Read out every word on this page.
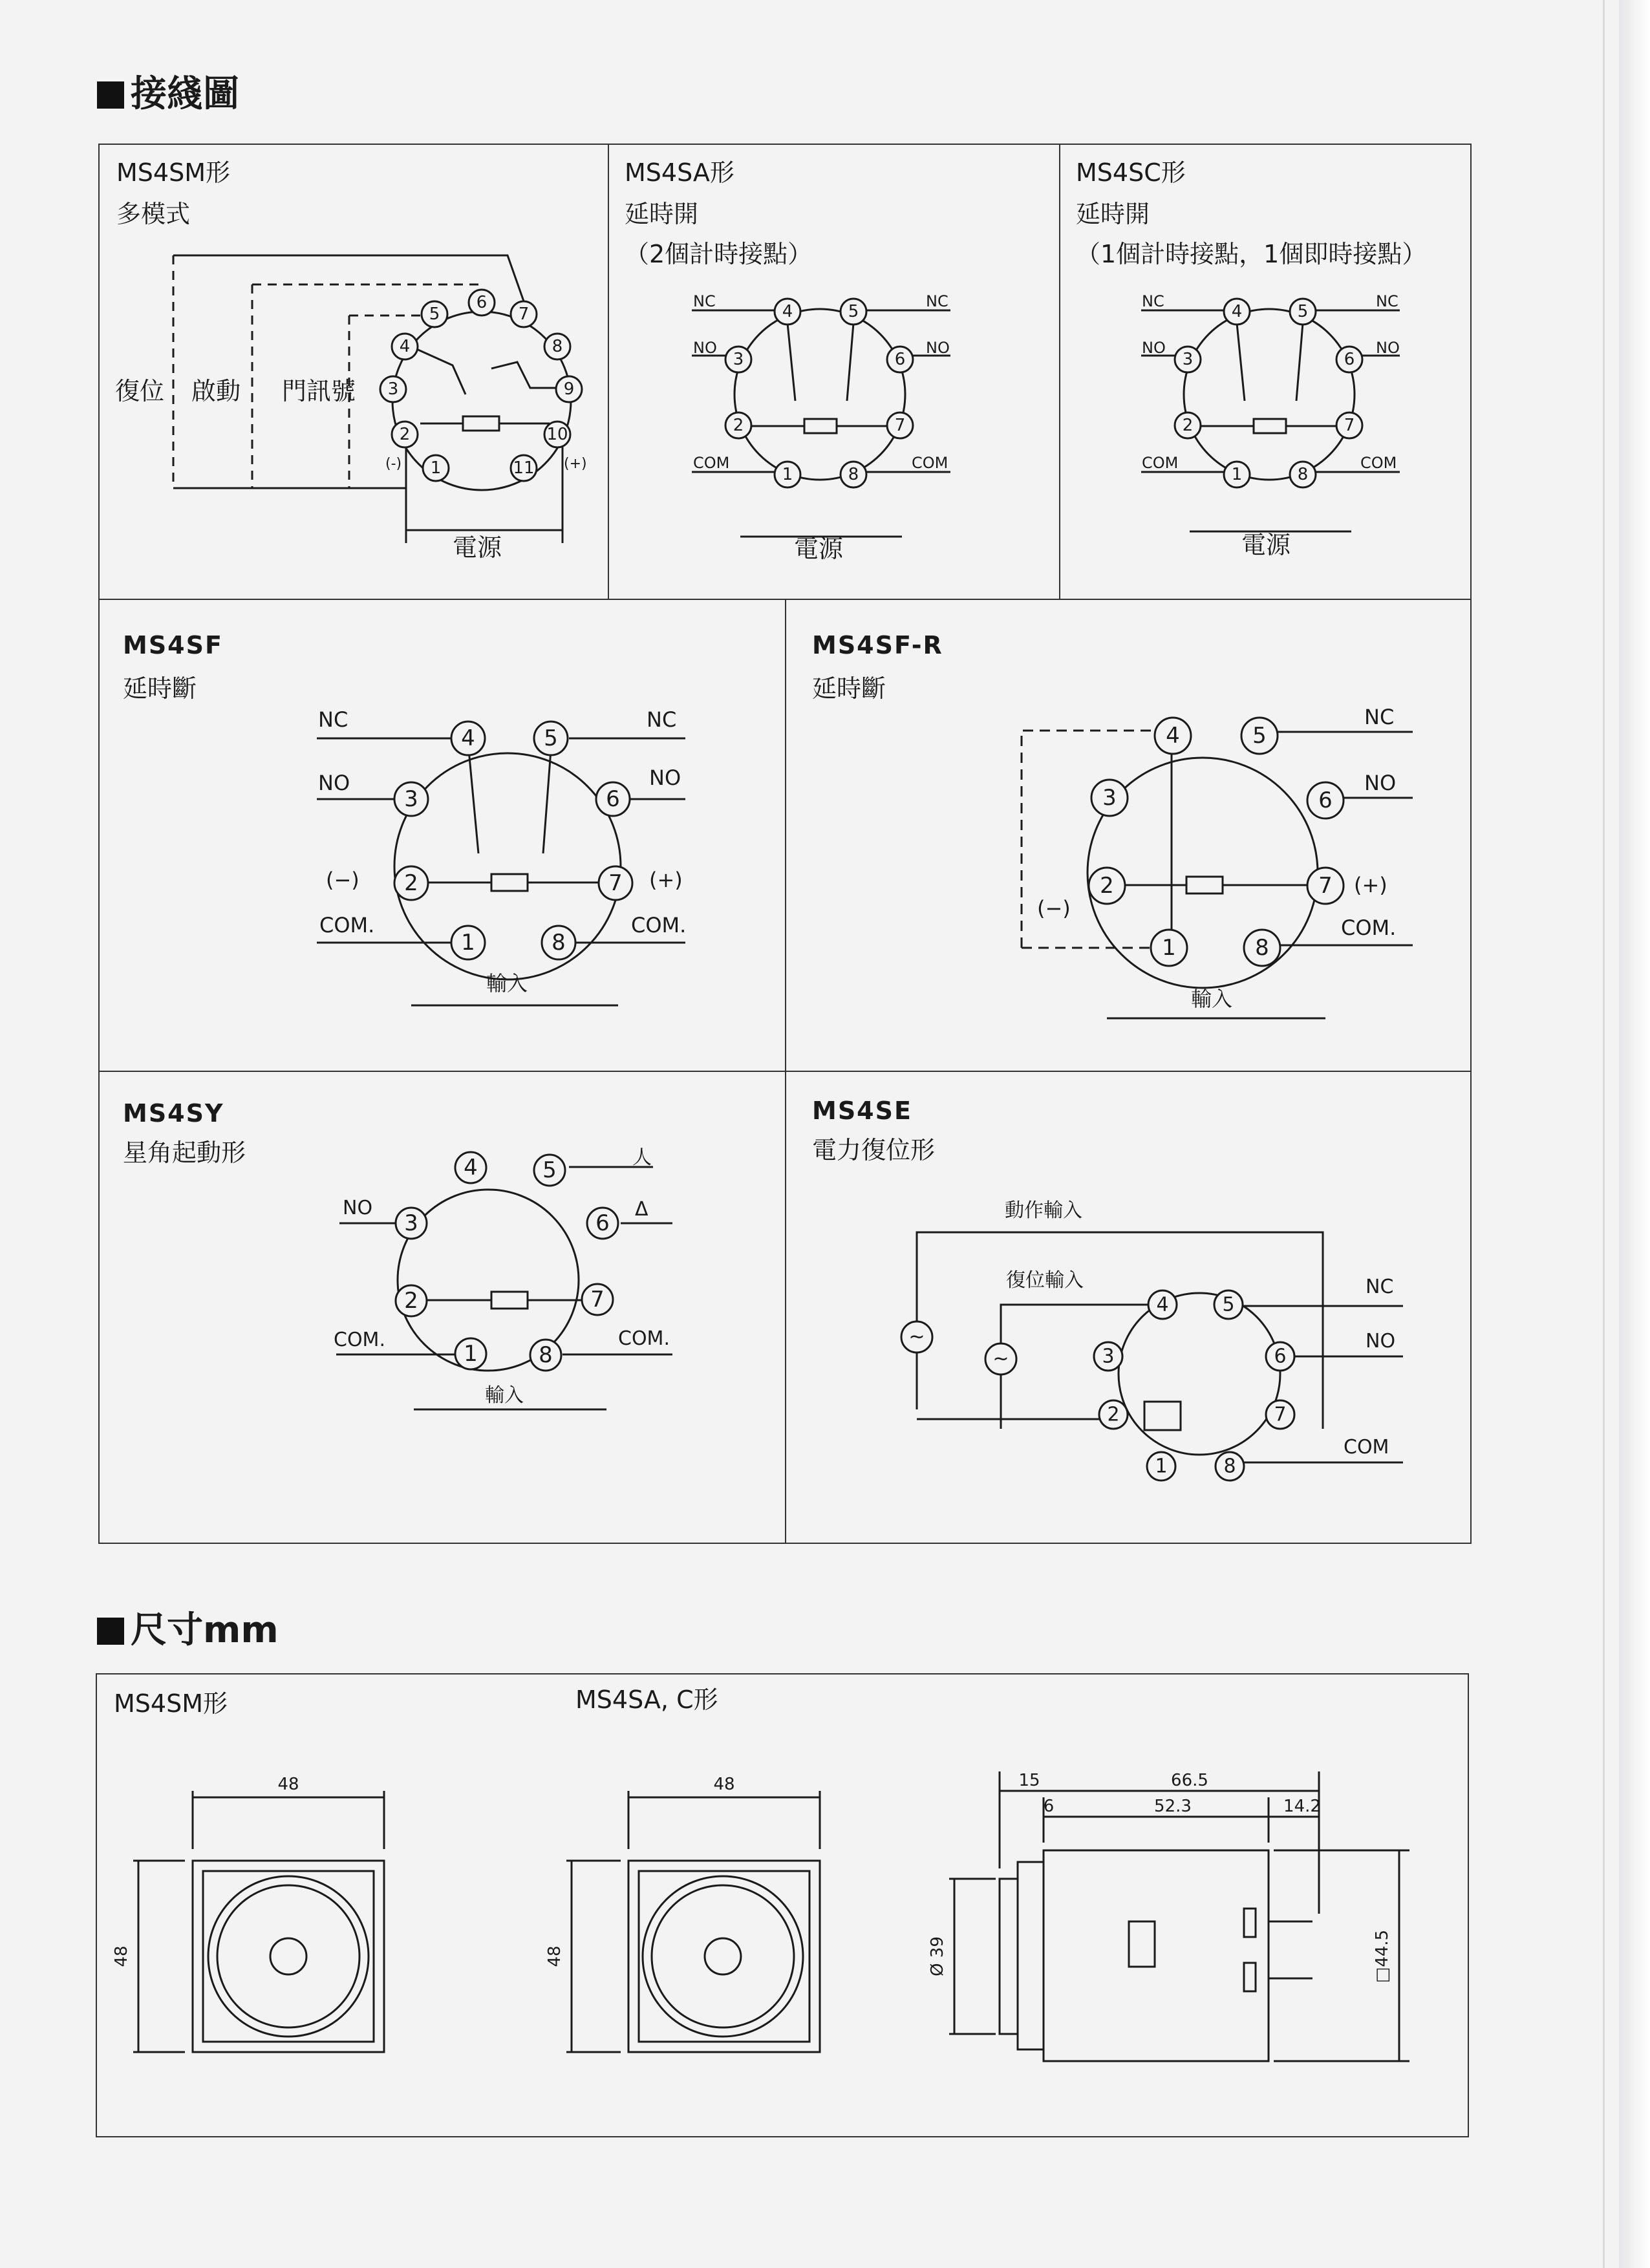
接綫圖
MS4SM形
多模式
MS4SA形
延時開
（2個計時接點）
MS4SC形
延時開
（1個計時接點，1個即時接點）
MS4SF
延時斷
MS4SF-R
延時斷
MS4SY
星角起動形
MS4SE
電力復位形
5
6
7
4	8
3	9
2	10
1	11
4	5
3	6
2	7
1	8
4	5
3	6
2	7
1	8
4	5
3	6
2	7
1	8
4	5
3	6
2	7
1	8
4	5
3	6
2	7
1	8
4	5
3	6
2	7
1	8
~
~
復位 啟動 門訊號
電源	電源	電源
(-)	(+)
NC	NC
NO	NO
COM	COM
NC	NC
NO	NO
COM	COM
NC	NC
NO	NO
(−)	(+)
COM.	COM.
輸入
NC
NO
(−)
(+)
COM.
輸入
NO
人
Δ
COM.	COM.
輸入
動作輸入
復位輸入	NC
NO
COM
尺寸mm
MS4SM形	MS4SA, C形
48	48	15	66.5
6	52.3	14.2
48	48	Ø 39	□44.5
